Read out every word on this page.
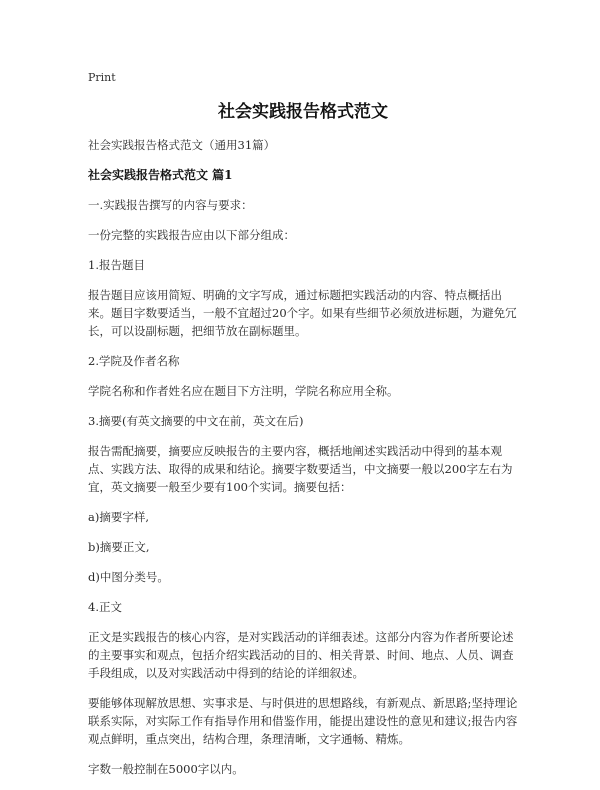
Print
社会实践报告格式范文
社会实践报告格式范文（通用31篇）
社会实践报告格式范文 篇1
一.实践报告撰写的内容与要求：
一份完整的实践报告应由以下部分组成：
1.报告题目
报告题目应该用简短、明确的文字写成，通过标题把实践活动的内容、特点概括出来。题目字数要适当，一般不宜超过20个字。如果有些细节必须放进标题，为避免冗长，可以设副标题，把细节放在副标题里。
2.学院及作者名称
学院名称和作者姓名应在题目下方注明，学院名称应用全称。
3.摘要(有英文摘要的中文在前，英文在后)
报告需配摘要，摘要应反映报告的主要内容，概括地阐述实践活动中得到的基本观点、实践方法、取得的成果和结论。摘要字数要适当，中文摘要一般以200字左右为宜，英文摘要一般至少要有100个实词。摘要包括：
a)摘要字样,
b)摘要正文,
d)中图分类号。
4.正文
正文是实践报告的核心内容，是对实践活动的详细表述。这部分内容为作者所要论述的主要事实和观点，包括介绍实践活动的目的、相关背景、时间、地点、人员、调查手段组成，以及对实践活动中得到的结论的详细叙述。
要能够体现解放思想、实事求是、与时俱进的思想路线，有新观点、新思路;坚持理论联系实际，对实际工作有指导作用和借鉴作用，能提出建设性的意见和建议;报告内容观点鲜明，重点突出，结构合理，条理清晰，文字通畅、精炼。
字数一般控制在5000字以内。
